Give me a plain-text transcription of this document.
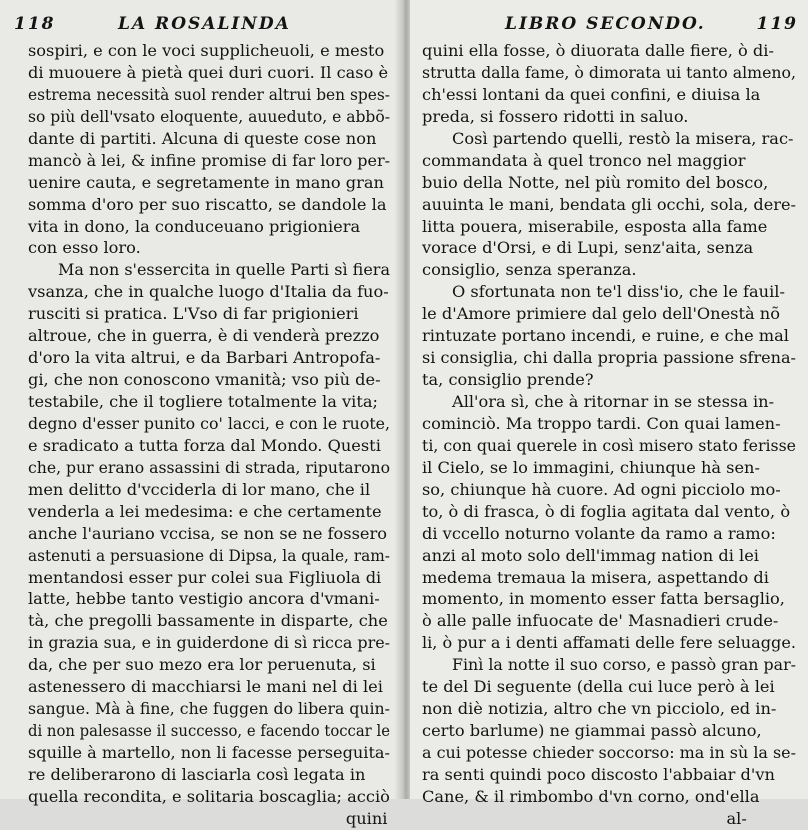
118	LA ROSALINDA
sospiri, e con le voci supplicheuoli, e mesto
di muouere à pietà quei duri cuori. Il caso è
estrema necessità suol render altrui ben spes-
so più dell'vsato eloquente, auueduto, e abbõ-
dante di partiti. Alcuna di queste cose non
mancò à lei, & infine promise di far loro per-
uenire cauta, e segretamente in mano gran
somma d'oro per suo riscatto, se dandole la
vita in dono, la conduceuano prigioniera
con esso loro.
Ma non s'essercita in quelle Parti sì fiera
vsanza, che in qualche luogo d'Italia da fuo-
rusciti si pratica. L'Vso di far prigionieri
altroue, che in guerra, è di venderà prezzo
d'oro la vita altrui, e da Barbari Antropofa-
gi, che non conoscono vmanità; vso più de-
testabile, che il togliere totalmente la vita;
degno d'esser punito co' lacci, e con le ruote,
e sradicato a tutta forza dal Mondo. Questi
che, pur erano assassini di strada, riputarono
men delitto d'vcciderla di lor mano, che il
venderla a lei medesima: e che certamente
anche l'auriano vccisa, se non se ne fossero
astenuti a persuasione di Dipsa, la quale, ram-
mentandosi esser pur colei sua Figliuola di
latte, hebbe tanto vestigio ancora d'vmani-
tà, che pregolli bassamente in disparte, che
in grazia sua, e in guiderdone di sì ricca pre-
da, che per suo mezo era lor peruenuta, si
astenessero di macchiarsi le mani nel di lei
sangue. Mà à fine, che fuggen do libera quin-
di non palesasse il successo, e facendo toccar le
squille à martello, non li facesse perseguita-
re deliberarono di lasciarla così legata in
quella recondita, e solitaria boscaglia; acciò
quini
LIBRO SECONDO.	119
quini ella fosse, ò diuorata dalle fiere, ò di-
strutta dalla fame, ò dimorata ui tanto almeno,
ch'essi lontani da quei confini, e diuisa la
preda, si fossero ridotti in saluo.
Così partendo quelli, restò la misera, rac-
commandata à quel tronco nel maggior
buio della Notte, nel più romito del bosco,
auuinta le mani, bendata gli occhi, sola, dere-
litta pouera, miserabile, esposta alla fame
vorace d'Orsi, e di Lupi, senz'aita, senza
consiglio, senza speranza.
O sfortunata non te'l diss'io, che le fauil-
le d'Amore primiere dal gelo dell'Onestà nõ
rintuzate portano incendi, e ruine, e che mal
si consiglia, chi dalla propria passione sfrena-
ta, consiglio prende?
All'ora sì, che à ritornar in se stessa in-
cominciò. Ma troppo tardi. Con quai lamen-
ti, con quai querele in così misero stato ferisse
il Cielo, se lo immagini, chiunque hà sen-
so, chiunque hà cuore. Ad ogni picciolo mo-
to, ò di frasca, ò di foglia agitata dal vento, ò
di vccello noturno volante da ramo a ramo:
anzi al moto solo dell'immag nation di lei
medema tremaua la misera, aspettando di
momento, in momento esser fatta bersaglio,
ò alle palle infuocate de' Masnadieri crude-
li, ò pur a i denti affamati delle fere seluagge.
Finì la notte il suo corso, e passò gran par-
te del Di seguente (della cui luce però à lei
non diè notizia, altro che vn picciolo, ed in-
certo barlume) ne giammai passò alcuno,
a cui potesse chieder soccorso: ma in sù la se-
ra senti quindi poco discosto l'abbaiar d'vn
Cane, & il rimbombo d'vn corno, ond'ella
al-
